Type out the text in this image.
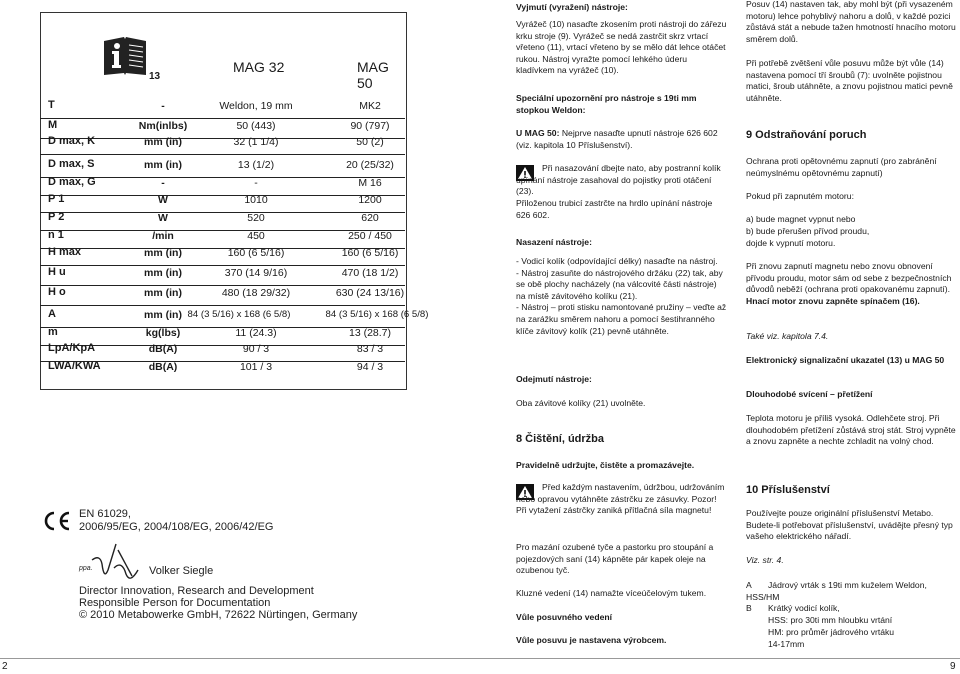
13
MAG 32	MAG 50
T	-	Weldon, 19 mm	MK2
M	Nm(inlbs)	50 (443)	90 (797)
D max, K	mm (in)	32 (1 1/4)	50 (2)
D max, S	mm (in)	13 (1/2)	20 (25/32)
D max, G	-	-	M 16
P 1	W	1010	1200
P 2	W	520	620
n 1	/min	450	250 / 450
H max	mm (in)	160 (6 5/16)	160 (6 5/16)
H u	mm (in)	370 (14 9/16)	470 (18 1/2)
H o	mm (in)	480 (18 29/32)	630 (24 13/16)
A	mm (in) 84 (3 5/16) x 168 (6 5/8)	84 (3 5/16) x 168 (6 5/8)
m	kg(lbs)	11 (24.3)	13 (28.7)
LpA/KpA	dB(A)	90 / 3	83 / 3
LWA/KWA	dB(A)	101 / 3	94 / 3
EN 61029,
2006/95/EG, 2004/108/EG, 2006/42/EG
ppa.	Volker Siegle
Director Innovation, Research and Development
Responsible Person for Documentation
© 2010 Metabowerke GmbH, 72622 Nürtingen, Germany

Vyjmutí (vyražení) nástroje:

Vyrážeč (10) nasaďte zkosením proti nástroji do zářezu krku stroje (9). Vyrážeč se nedá zastrčit skrz vrtací vřeteno (11), vrtací vřeteno by se mělo dát lehce otáčet rukou. Nástroj vyražte pomocí lehkého úderu kladívkem na vyrážeč (10).

Speciální upozornění pro nástroje s 19ti mm stopkou Weldon:

U MAG 50: Nejprve nasaďte upnutí nástroje 626 602 (viz. kapitola 10 Příslušenství).

Při nasazování dbejte nato, aby postranní kolík upínání nástroje zasahoval do pojistky proti otáčení (23).

Přiloženou trubicí zastrčte na hrdlo upínání nástroje 626 602.

Nasazení nástroje:

- Vodicí kolík (odpovídající délky) nasaďte na nástroj.
- Nástroj zasuňte do nástrojového držáku (22) tak, aby se obě plochy nacházely (na válcovité části nástroje) na místě závitového kolíku (21).
- Nástroj – proti stisku namontované pružiny – veďte až na zarážku směrem nahoru a pomocí šestihranného klíče závitový kolík (21) pevně utáhněte.

Odejmutí nástroje:

Oba závitové kolíky (21) uvolněte.

8 Čištění, údržba

Pravidelně udržujte, čistěte a promazávejte.

Před každým nastavením, údržbou, udržováním nebo opravou vytáhněte zástrčku ze zásuvky. Pozor! Při vytažení zástrčky zaniká přítlačná síla magnetu!

Pro mazání ozubené tyče a pastorku pro stoupání a pojezdových saní (14) kápněte pár kapek oleje na ozubenou tyč.

Kluzné vedení (14) namažte víceúčelovým tukem.

Vůle posuvného vedení

Vůle posuvu je nastavena výrobcem.

Posuv (14) nastaven tak, aby mohl být (při vysazeném motoru) lehce pohyblivý nahoru a dolů, v každé pozici zůstává stát a nebude tažen hmotností hnacího motoru směrem dolů.

Při potřebě zvětšení vůle posuvu může být vůle (14) nastavena pomocí tří šroubů (7): uvolněte pojistnou matici, šroub utáhněte, a znovu pojistnou matici pevně utáhněte.

9 Odstraňování poruch

Ochrana proti opětovnému zapnutí (pro zabránění neúmyslnému opětovnému zapnutí)

Pokud při zapnutém motoru:

a) bude magnet vypnut nebo

b) bude přerušen přívod proudu,

dojde k vypnutí motoru.

Při znovu zapnutí magnetu nebo znovu obnovení přívodu proudu, motor sám od sebe z bezpečnostních důvodů neběží (ochrana proti opakovanému zapnutí). Hnací motor znovu zapněte spínačem (16).

Také viz. kapitola 7.4.

Elektronický signalizační ukazatel (13) u MAG 50

Dlouhodobé svícení – přetížení

Teplota motoru je příliš vysoká. Odlehčete stroj. Při dlouhodobém přetížení zůstává stroj stát. Stroj vypněte a znovu zapněte a nechte zchladit na volný chod.

10 Příslušenství

Používejte pouze originální příslušenství Metabo. Budete-li potřebovat příslušenství, uvádějte přesný typ vašeho elektrického nářadí.

Viz. str. 4.

A Jádrový vrták s 19ti mm kuželem Weldon, HSS/HM

B Krátký vodicí kolík,

HSS: pro 30ti mm hloubku vrtání

HM: pro průměr jádrového vrtáku

14-17mm

2	9
